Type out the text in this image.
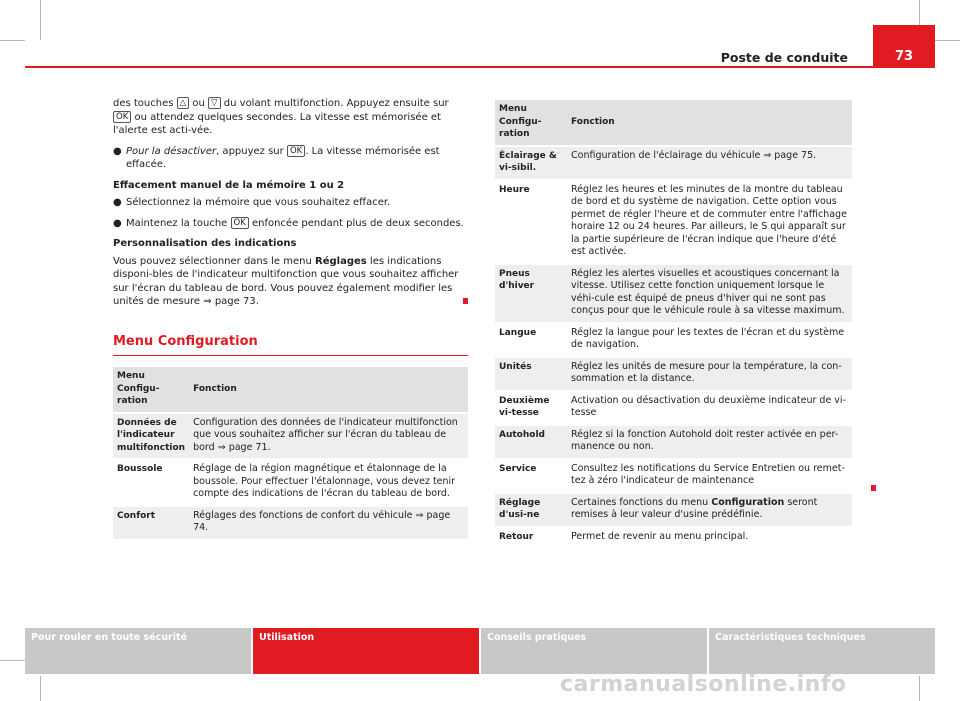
Poste de conduite	73

des touches △ ou ▽ du volant multifonction. Appuyez ensuite sur OK ou attendez quelques secondes. La vitesse est mémorisée et l'alerte est acti-vée.

● Pour la désactiver, appuyez sur OK . La vitesse mémorisée est effacée.
Effacement manuel de la mémoire 1 ou 2
● Sélectionnez la mémoire que vous souhaitez effacer.
● Maintenez la touche OK enfoncée pendant plus de deux secondes.
Personnalisation des indications

Vous pouvez sélectionner dans le menu Réglages les indications disponi-bles de l'indicateur multifonction que vous souhaitez afficher sur l'écran du tableau de bord. Vous pouvez également modifier les unités de mesure ⇒ page 73.

Menu Configuration
Menu Configu-ration	Fonction
Données de l'indicateur multifonction	Configuration des données de l'indicateur multifonction que vous souhaitez afficher sur l'écran du tableau de bord ⇒ page 71.
Boussole	Réglage de la région magnétique et étalonnage de la boussole. Pour effectuer l'étalonnage, vous devez tenir compte des indications de l'écran du tableau de bord.
Confort	Réglages des fonctions de confort du véhicule ⇒ page 74.
Menu Configu-ration	Fonction
Éclairage & vi-sibil.	Configuration de l'éclairage du véhicule ⇒ page 75.
Heure	Réglez les heures et les minutes de la montre du tableau de bord et du système de navigation. Cette option vous permet de régler l'heure et de commuter entre l'affichage horaire 12 ou 24 heures. Par ailleurs, le S qui apparaît sur la partie supérieure de l'écran indique que l'heure d'été est activée.
Pneus d'hiver	Réglez les alertes visuelles et acoustiques concernant la vitesse. Utilisez cette fonction uniquement lorsque le véhi-cule est équipé de pneus d'hiver qui ne sont pas conçus pour que le véhicule roule à sa vitesse maximum.
Langue	Réglez la langue pour les textes de l'écran et du système de navigation.
Unités	Réglez les unités de mesure pour la température, la con-sommation et la distance.
Deuxième vi-tesse	Activation ou désactivation du deuxième indicateur de vi-tesse
Autohold	Réglez si la fonction Autohold doit rester activée en per-manence ou non.
Service	Consultez les notifications du Service Entretien ou remet-tez à zéro l'indicateur de maintenance
Réglage d'usi-ne	Certaines fonctions du menu Configuration seront remises à leur valeur d'usine prédéfinie.
Retour	Permet de revenir au menu principal.
Pour rouler en toute sécurité	Utilisation	Conseils pratiques	Caractéristiques techniques
carmanualsonline.info
